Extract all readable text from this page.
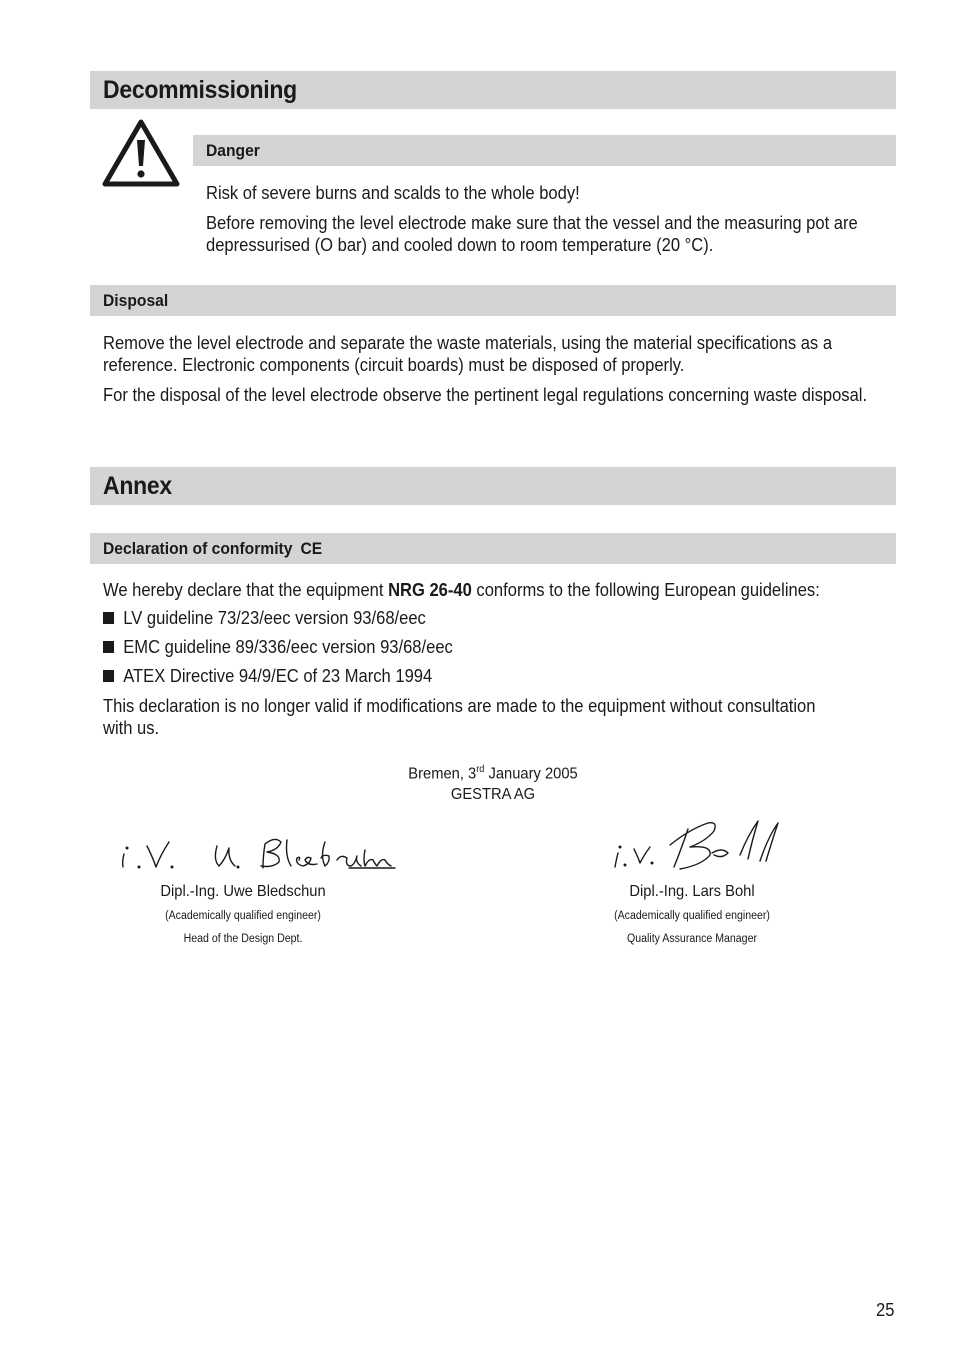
Decommissioning
Danger
Risk of severe burns and scalds to the whole body!
Before removing the level electrode make sure that the vessel and the measuring pot are
depressurised (O bar) and cooled down to room temperature (20 °C).
Disposal
Remove the level electrode and separate the waste materials, using the material specifications as a
reference. Electronic components (circuit boards) must be disposed of properly.
For the disposal of the level electrode observe the pertinent legal regulations concerning waste disposal.
Annex
Declaration of conformity CE
We hereby declare that the equipment NRG 26-40 conforms to the following European guidelines:
LV guideline 73/23/eec version 93/68/eec
EMC guideline 89/336/eec version 93/68/eec
ATEX Directive 94/9/EC of 23 March 1994
This declaration is no longer valid if modifications are made to the equipment without consultation
with us.
Bremen, 3rd January 2005
GESTRA AG
Dipl.-Ing. Uwe Bledschun
(Academically qualified engineer)
Head of the Design Dept.
Dipl.-Ing. Lars Bohl
(Academically qualified engineer)
Quality Assurance Manager
25
